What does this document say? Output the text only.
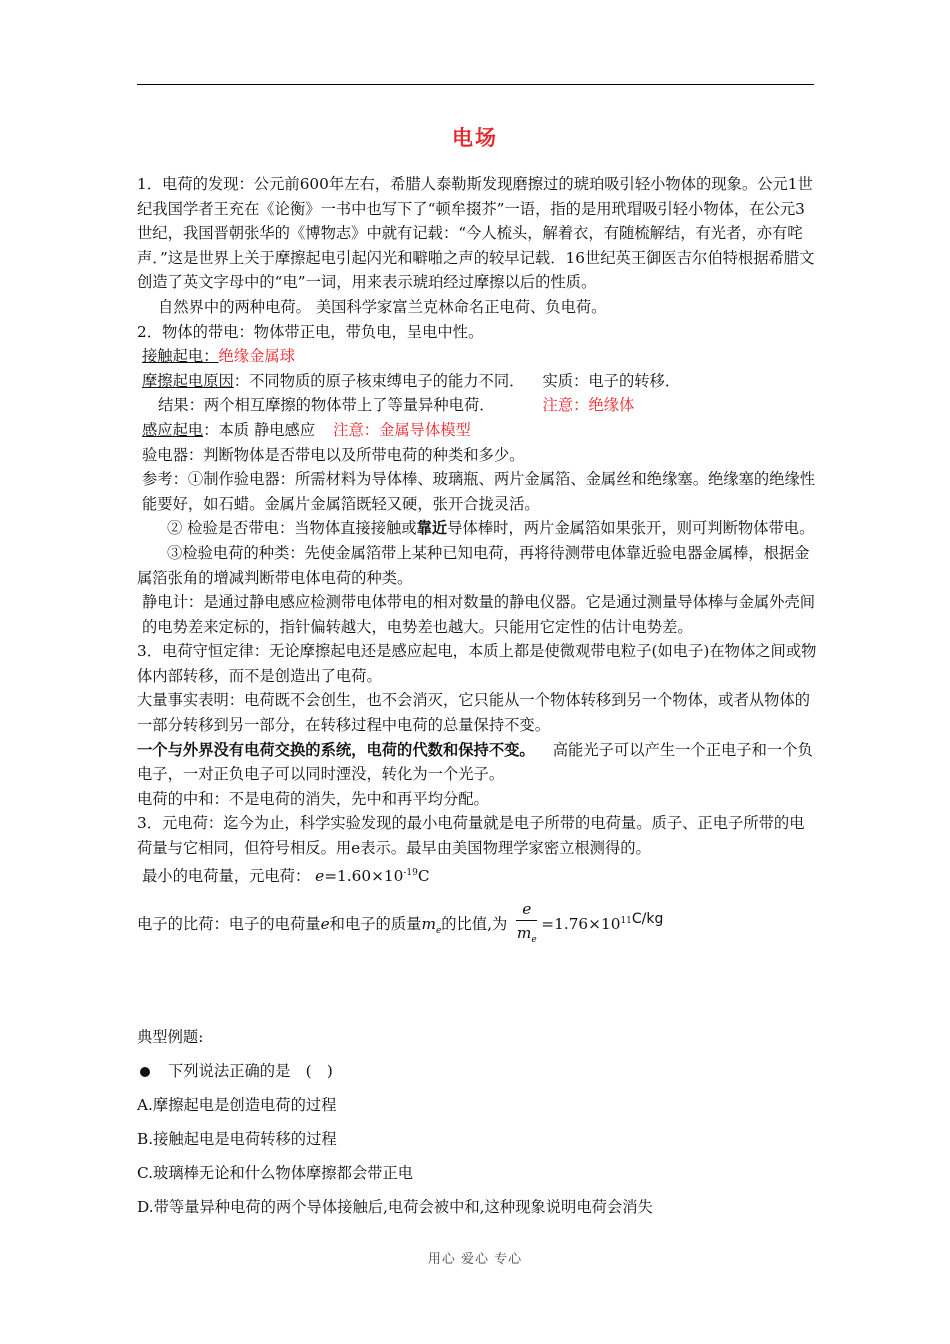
电场

1．电荷的发现：公元前600年左右，希腊人泰勒斯发现磨擦过的琥珀吸引轻小物体的现象。公元1世纪我国学者王充在《论衡》一书中也写下了“顿牟掇芥”一语，指的是用玳瑁吸引轻小物体，在公元3世纪，我国晋朝张华的《博物志》中就有记载：“今人梳头，解着衣，有随梳解结，有光者，亦有咤声．”这是世界上关于摩擦起电引起闪光和噼啪之声的较早记载．16世纪英王御医吉尔伯特根据希腊文创造了英文字母中的“电”一词，用来表示琥珀经过摩擦以后的性质。

自然界中的两种电荷。 美国科学家富兰克林命名正电荷、负电荷。

2．物体的带电：物体带正电，带负电，呈电中性。

接触起电：绝缘金属球

摩擦起电原因：不同物质的原子核束缚电子的能力不同． 实质：电子的转移．

结果：两个相互摩擦的物体带上了等量异种电荷．	注意：绝缘体

感应起电：本质 静电感应 注意：金属导体模型

验电器：判断物体是否带电以及所带电荷的种类和多少。

参考：①制作验电器：所需材料为导体棒、玻璃瓶、两片金属箔、金属丝和绝缘塞。绝缘塞的绝缘性能要好，如石蜡。金属片金属箔既轻又硬，张开合拢灵活。

② 检验是否带电：当物体直接接触或靠近导体棒时，两片金属箔如果张开，则可判断物体带电。③检验电荷的种类：先使金属箔带上某种已知电荷，再将待测带电体靠近验电器金属棒，根据金属箔张角的增减判断带电体电荷的种类。

静电计：是通过静电感应检测带电体带电的相对数量的静电仪器。它是通过测量导体棒与金属外壳间的电势差来定标的，指针偏转越大，电势差也越大。只能用它定性的估计电势差。

3．电荷守恒定律：无论摩擦起电还是感应起电，本质上都是使微观带电粒子(如电子)在物体之间或物体内部转移，而不是创造出了电荷。

大量事实表明：电荷既不会创生，也不会消灭，它只能从一个物体转移到另一个物体，或者从物体的一部分转移到另一部分，在转移过程中电荷的总量保持不变。

一个与外界没有电荷交换的系统，电荷的代数和保持不变。 高能光子可以产生一个正电子和一个负电子，一对正负电子可以同时湮没，转化为一个光子。

电荷的中和：不是电荷的消失，先中和再平均分配。

3．元电荷：迄今为止，科学实验发现的最小电荷量就是电子所带的电荷量。质子、正电子所带的电荷量与它相同，但符号相反。用e表示。最早由美国物理学家密立根测得的。

最小的电荷量，元电荷： $e=1.60\times 10^{-19}C$

电子的比荷：电子的电荷量e和电子的质量$m_e$的比值,为 $\frac{e}{m_e} =1.76\times 10^{11}C/kg$

典型例题:

下列说法正确的是　(　)

A.摩擦起电是创造电荷的过程

B.接触起电是电荷转移的过程

C.玻璃棒无论和什么物体摩擦都会带正电

D.带等量异种电荷的两个导体接触后,电荷会被中和,这种现象说明电荷会消失

用心 爱心 专心
